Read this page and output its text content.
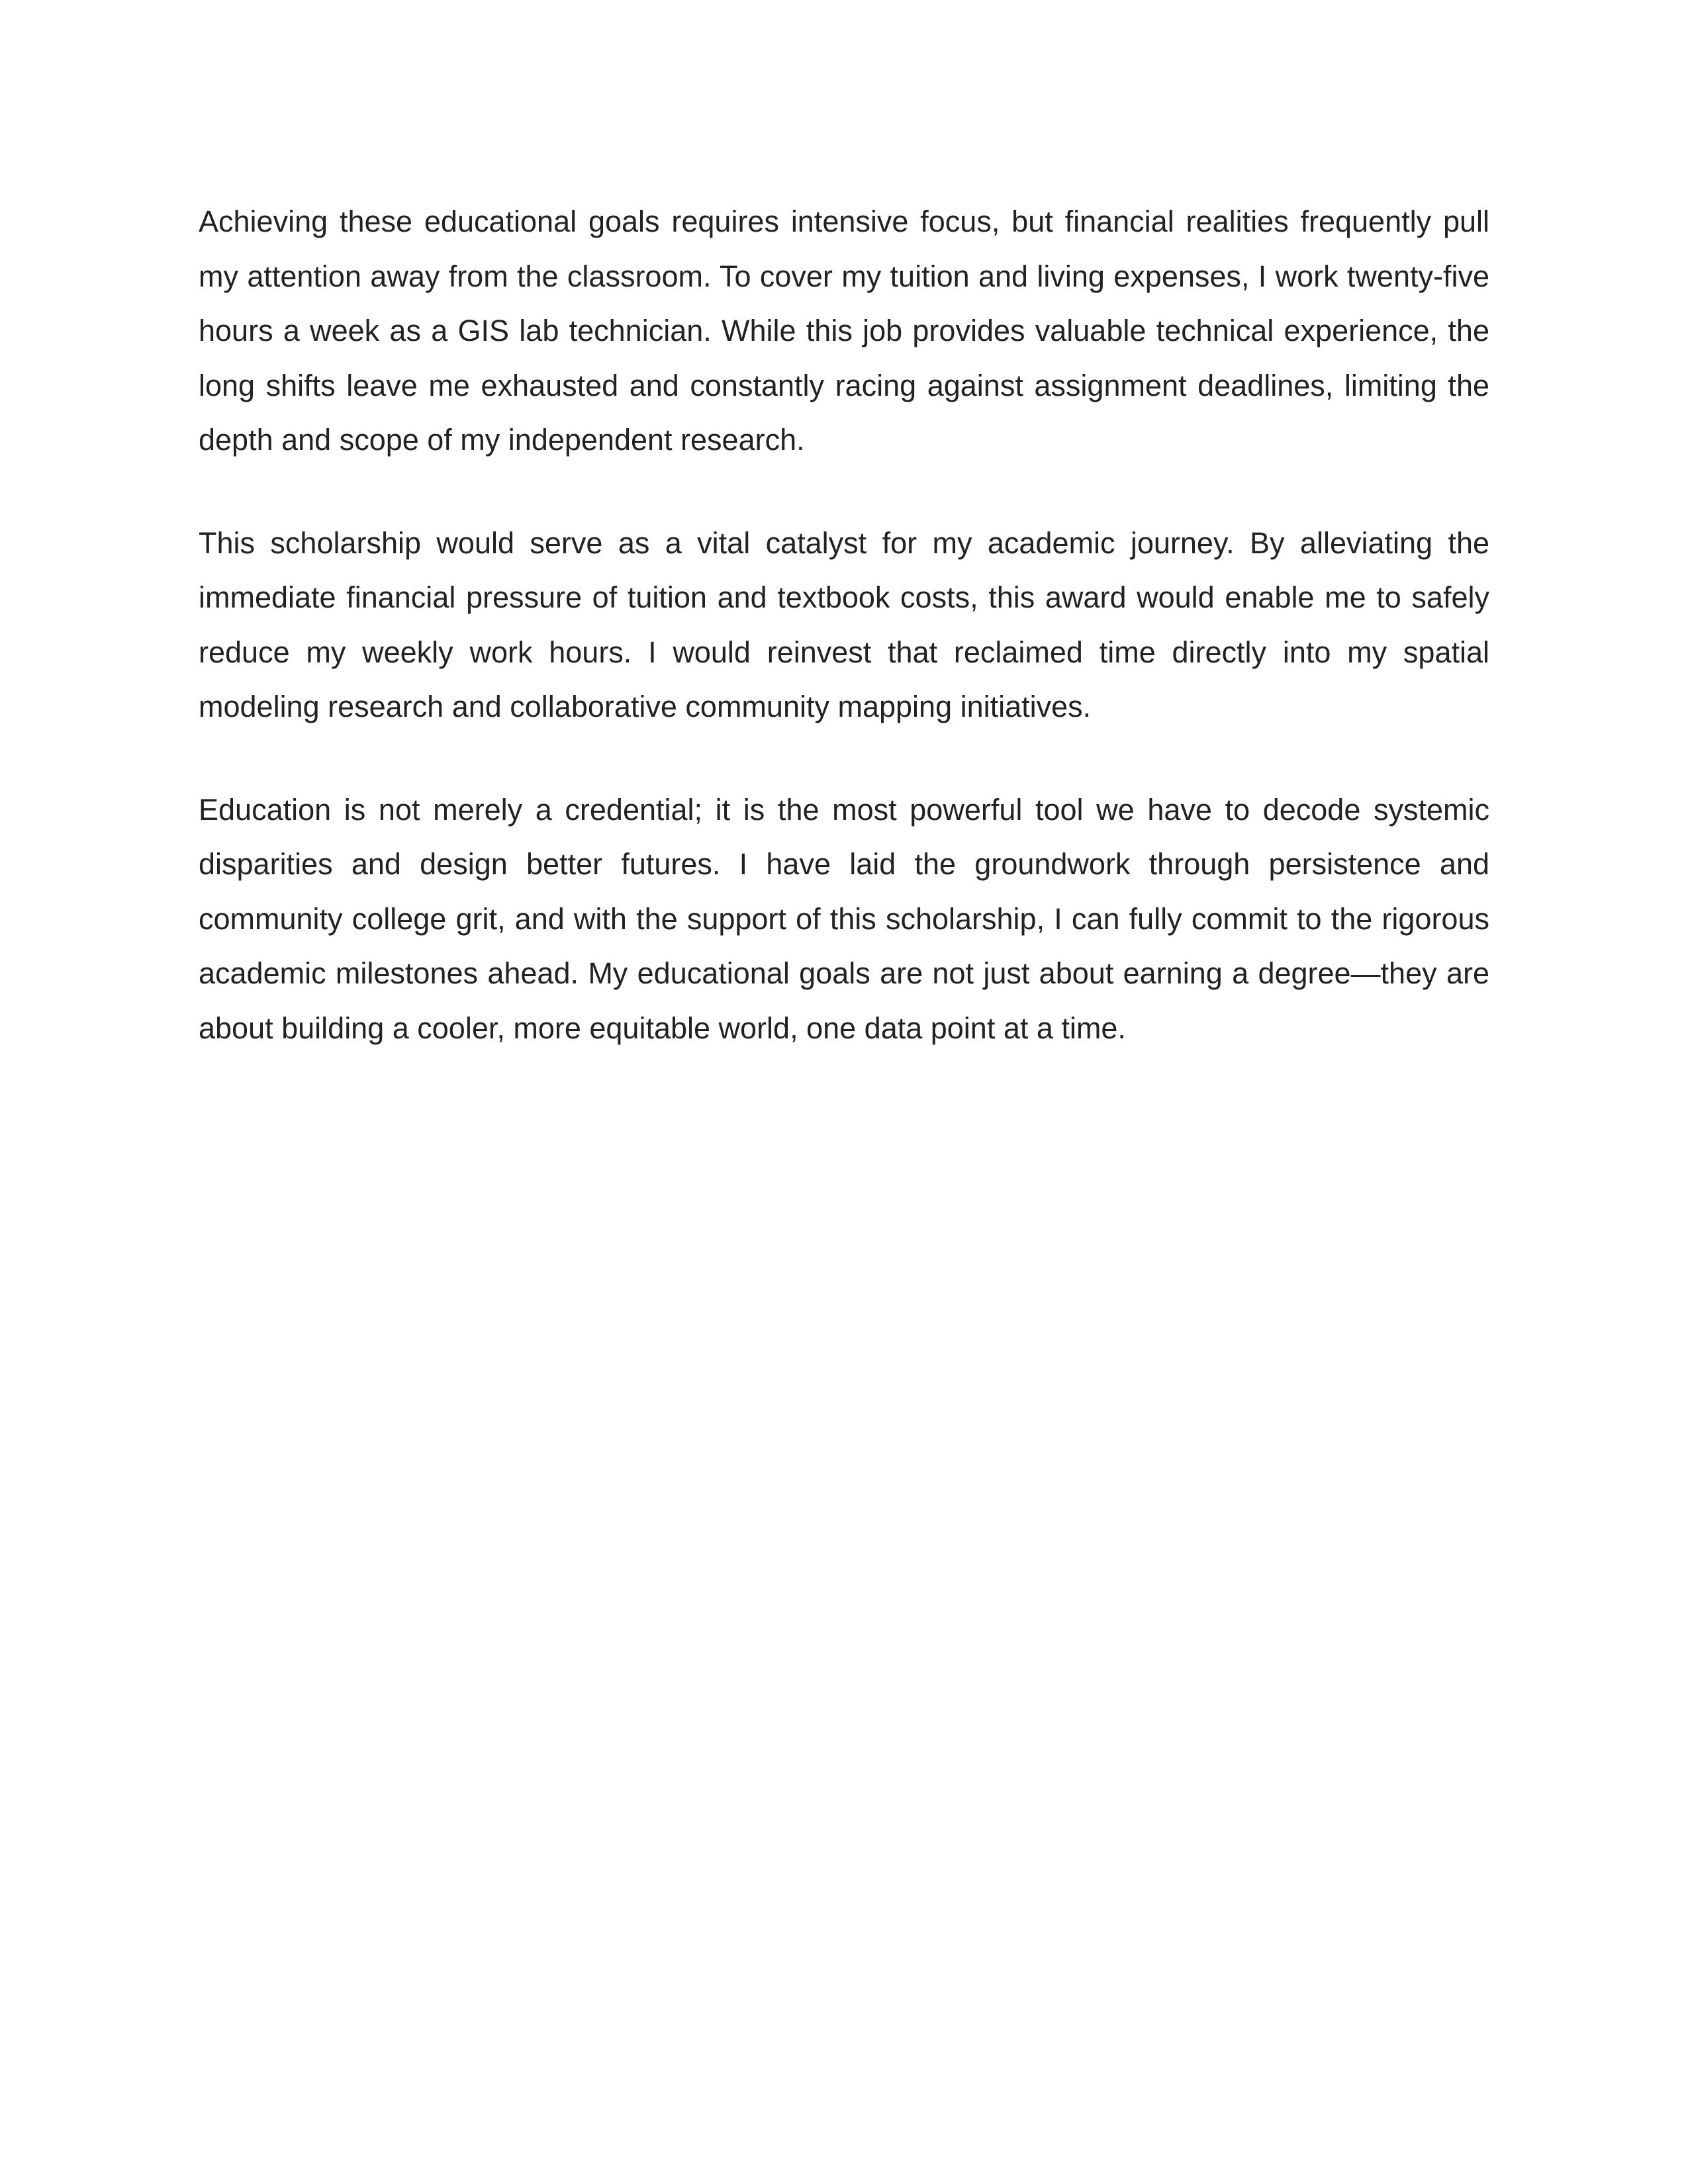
Achieving these educational goals requires intensive focus, but financial realities frequently pull my attention away from the classroom. To cover my tuition and living expenses, I work twenty-five hours a week as a GIS lab technician. While this job provides valuable technical experience, the long shifts leave me exhausted and constantly racing against assignment deadlines, limiting the depth and scope of my independent research.

This scholarship would serve as a vital catalyst for my academic journey. By alleviating the immediate financial pressure of tuition and textbook costs, this award would enable me to safely reduce my weekly work hours. I would reinvest that reclaimed time directly into my spatial modeling research and collaborative community mapping initiatives.

Education is not merely a credential; it is the most powerful tool we have to decode systemic disparities and design better futures. I have laid the groundwork through persistence and community college grit, and with the support of this scholarship, I can fully commit to the rigorous academic milestones ahead. My educational goals are not just about earning a degree—they are about building a cooler, more equitable world, one data point at a time.
